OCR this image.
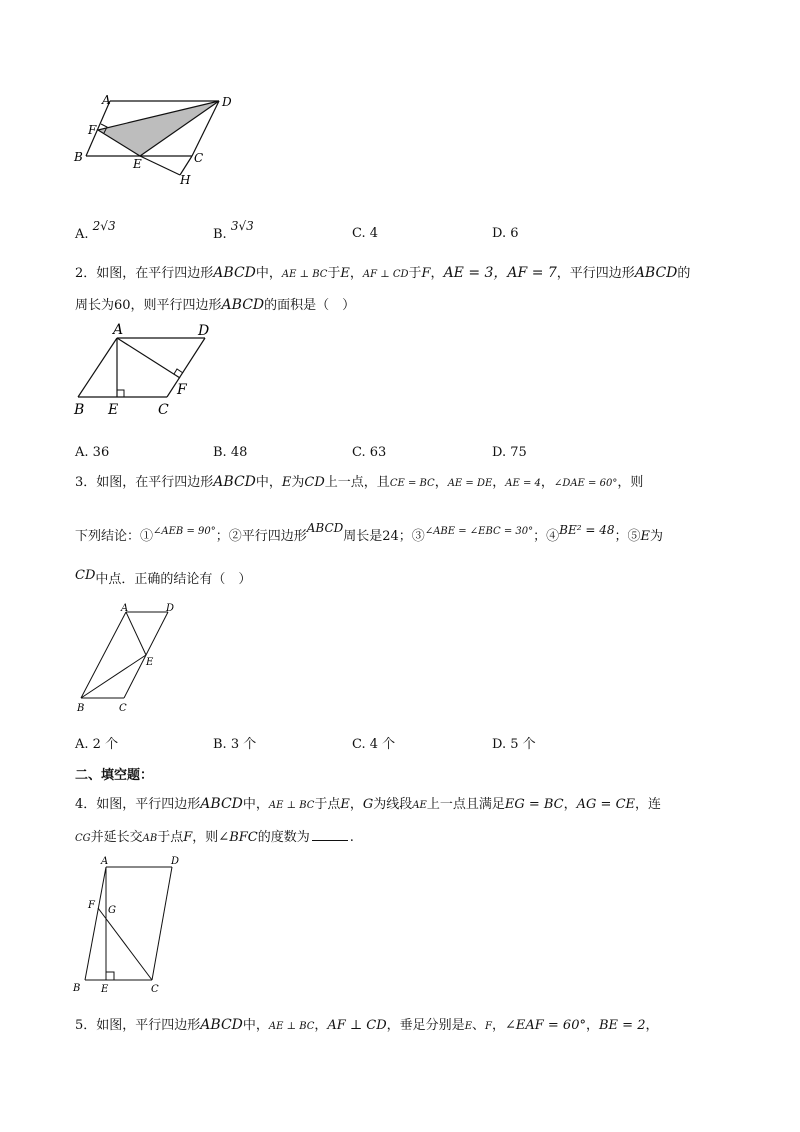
A	D
F
B	E	C
H
A. 2√3
B. 3√3	C. 4	D. 6
2．如图，在平行四边形ABCD中，AE ⊥ BC于E，AF ⊥ CD于F，AE = 3，AF = 7，平行四边形ABCD的
周长为60，则平行四边形ABCD的面积是（　）
A	D
B E	C
F
A. 36	B. 48	C. 63	D. 75
3．如图，在平行四边形ABCD中，E为CD上一点，且CE = BC，AE = DE，AE = 4，∠DAE = 60°，则
下列结论：①$^{\angle AEB = 90^\circ}$；②平行四边形ABCD周长是24；③$^{\angle ABE = \angle EBC = 30^\circ}$；④BE² = 48；⑤E为
CD中点．正确的结论有（　）
A	D
E
B	C
A. 2 个	B. 3 个	C. 4 个	D. 5 个
二、填空题：
4．如图，平行四边形ABCD中，AE ⊥ BC于点E，G为线段AE上一点且满足EG = BC，AG = CE，连
CG并延长交AB于点F，则∠BFC的度数为	.
A	D
F G
B E	C
5．如图，平行四边形ABCD中，AE ⊥ BC，AF ⊥ CD，垂足分别是E、F，∠EAF = 60°，BE = 2，
